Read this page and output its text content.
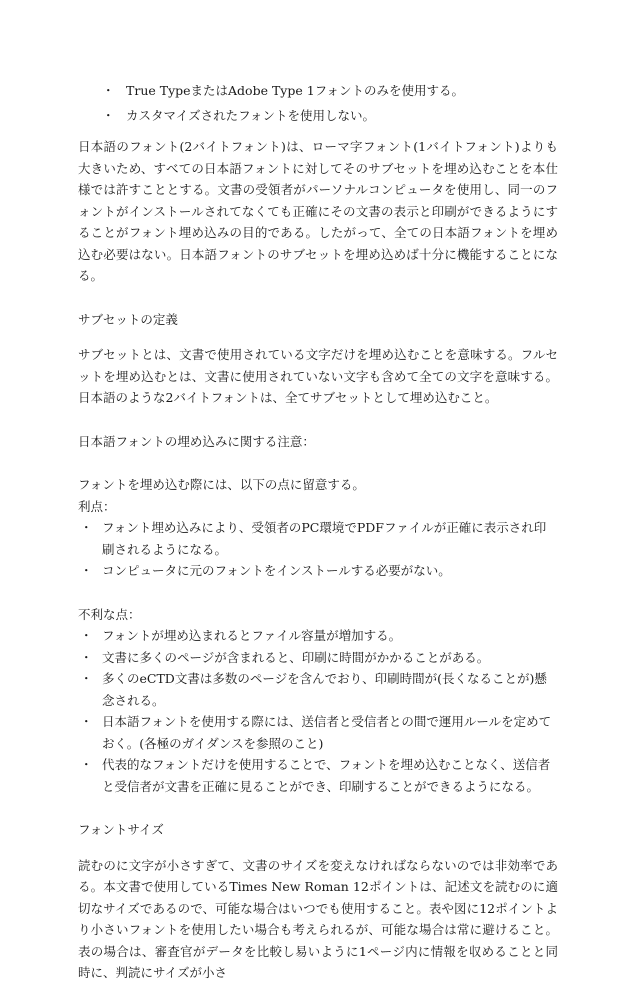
・ True TypeまたはAdobe Type 1フォントのみを使用する。
・ カスタマイズされたフォントを使用しない。

日本語のフォント(2バイトフォント)は、ローマ字フォント(1バイトフォント)よりも大きいため、すべての日本語フォントに対してそのサブセットを埋め込むことを本仕様では許すこととする。文書の受領者がパーソナルコンピュータを使用し、同一のフォントがインストールされてなくても正確にその文書の表示と印刷ができるようにすることがフォント埋め込みの目的である。したがって、全ての日本語フォントを埋め込む必要はない。日本語フォントのサブセットを埋め込めば十分に機能することになる。

サブセットの定義

サブセットとは、文書で使用されている文字だけを埋め込むことを意味する。フルセットを埋め込むとは、文書に使用されていない文字も含めて全ての文字を意味する。日本語のような2バイトフォントは、全てサブセットとして埋め込むこと。

日本語フォントの埋め込みに関する注意：

フォントを埋め込む際には、以下の点に留意する。

利点：

・ フォント埋め込みにより、受領者のPC環境でPDFファイルが正確に表示され印刷されるようになる。
・ コンピュータに元のフォントをインストールする必要がない。

不利な点：

・ フォントが埋め込まれるとファイル容量が増加する。
・ 文書に多くのページが含まれると、印刷に時間がかかることがある。
・ 多くのeCTD文書は多数のページを含んでおり、印刷時間が(長くなることが)懸念される。
・ 日本語フォントを使用する際には、送信者と受信者との間で運用ルールを定めておく。(各極のガイダンスを参照のこと)
・ 代表的なフォントだけを使用することで、フォントを埋め込むことなく、送信者と受信者が文書を正確に見ることができ、印刷することができるようになる。

フォントサイズ

読むのに文字が小さすぎて、文書のサイズを変えなければならないのでは非効率である。本文書で使用しているTimes New Roman 12ポイントは、記述文を読むのに適切なサイズであるので、可能な場合はいつでも使用すること。表や図に12ポイントより小さいフォントを使用したい場合も考えられるが、可能な場合は常に避けること。表の場合は、審査官がデータを比較し易いように1ページ内に情報を収めることと同時に、判読にサイズが小さ
